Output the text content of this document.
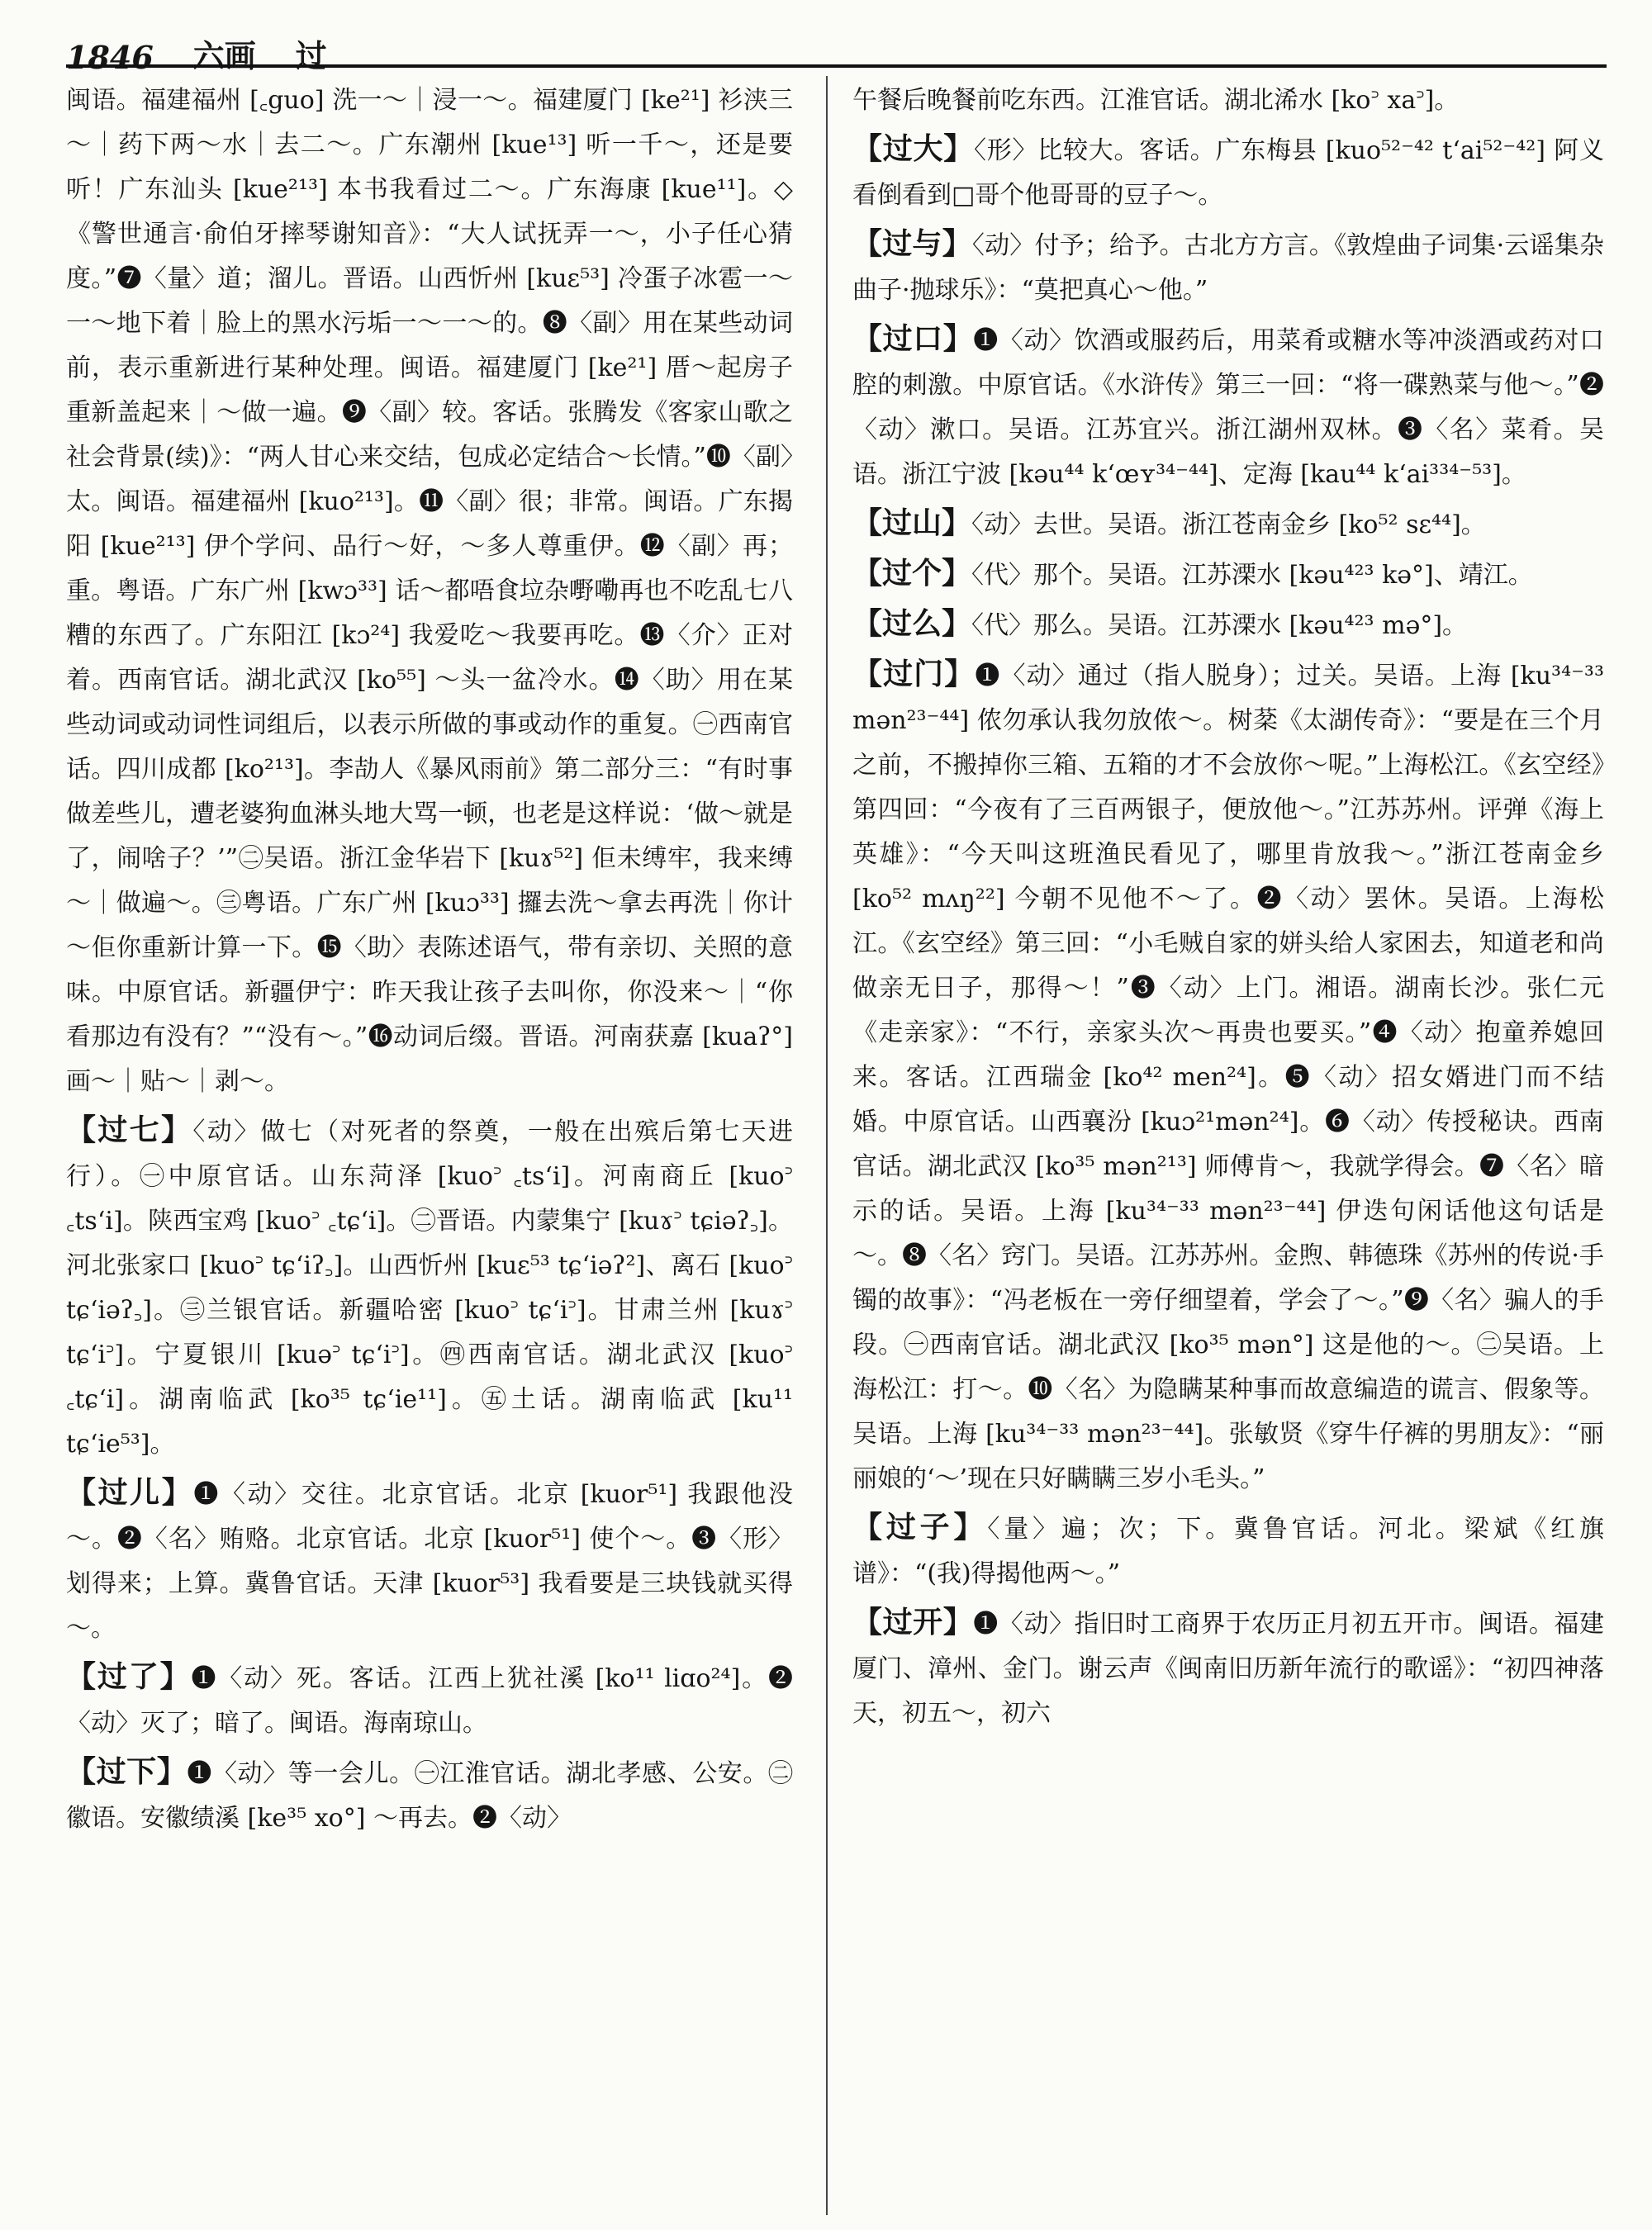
1846 六画 过

闽语。福建福州 [꜀guo] 洗一～｜浸一～。福建厦门 [ke²¹] 衫浃三～｜药下两～水｜去二～。广东潮州 [kue¹³] 听一千～，还是要听！广东汕头 [kue²¹³] 本书我看过二～。广东海康 [kue¹¹]。◇《警世通言·俞伯牙摔琴谢知音》：“大人试抚弄一～，小子任心猜度。”❼〈量〉道；溜儿。晋语。山西忻州 [kuɛ⁵³] 冷蛋子冰雹一～一～地下着｜脸上的黑水污垢一～一～的。❽〈副〉用在某些动词前，表示重新进行某种处理。闽语。福建厦门 [ke²¹] 厝～起房子重新盖起来｜～做一遍。❾〈副〉较。客话。张腾发《客家山歌之社会背景(续)》：“两人甘心来交结，包成必定结合～长情。”❿〈副〉太。闽语。福建福州 [kuo²¹³]。⓫〈副〉很；非常。闽语。广东揭阳 [kue²¹³] 伊个学问、品行～好，～多人尊重伊。⓬〈副〉再；重。粤语。广东广州 [kwɔ³³] 话～都唔食垃杂嘢嘞再也不吃乱七八糟的东西了。广东阳江 [kɔ²⁴] 我爱吃～我要再吃。⓭〈介〉正对着。西南官话。湖北武汉 [ko⁵⁵] ～头一盆冷水。⓮〈助〉用在某些动词或动词性词组后，以表示所做的事或动作的重复。㊀西南官话。四川成都 [ko²¹³]。李劼人《暴风雨前》第二部分三：“有时事做差些儿，遭老婆狗血淋头地大骂一顿，也老是这样说：‘做～就是了，闹啥子？’”㊁吴语。浙江金华岩下 [kuɤ⁵²] 佢未缚牢，我来缚～｜做遍～。㊂粤语。广东广州 [kuɔ³³] 攞去洗～拿去再洗｜你计～佢你重新计算一下。⓯〈助〉表陈述语气，带有亲切、关照的意味。中原官话。新疆伊宁：昨天我让孩子去叫你，你没来～｜“你看那边有没有？”“没有～。”⓰动词后缀。晋语。河南获嘉 [kuaʔ°] 画～｜贴～｜剥～。

【过七】〈动〉做七（对死者的祭奠，一般在出殡后第七天进行）。㊀中原官话。山东菏泽 [kuo꜄ ꜀tsʻi]。河南商丘 [kuo꜄ ꜀tsʻi]。陕西宝鸡 [kuo꜄ ꜀tɕʻi]。㊁晋语。内蒙集宁 [kuɤ꜄ tɕiəʔ꜆]。河北张家口 [kuo꜄ tɕʻiʔ꜆]。山西忻州 [kuɛ⁵³ tɕʻiəʔ²]、离石 [kuo꜄ tɕʻiəʔ꜆]。㊂兰银官话。新疆哈密 [kuo꜄ tɕʻi꜄]。甘肃兰州 [kuɤ꜄ tɕʻi꜄]。宁夏银川 [kuə꜄ tɕʻi꜄]。㊃西南官话。湖北武汉 [kuo꜄ ꜀tɕʻi]。湖南临武 [ko³⁵ tɕʻie¹¹]。㊄土话。湖南临武 [ku¹¹ tɕʻie⁵³]。

【过儿】❶〈动〉交往。北京官话。北京 [kuor⁵¹] 我跟他没～。❷〈名〉贿赂。北京官话。北京 [kuor⁵¹] 使个～。❸〈形〉划得来；上算。冀鲁官话。天津 [kuor⁵³] 我看要是三块钱就买得～。

【过了】❶〈动〉死。客话。江西上犹社溪 [ko¹¹ liɑo²⁴]。❷〈动〉灭了；暗了。闽语。海南琼山。

【过下】❶〈动〉等一会儿。㊀江淮官话。湖北孝感、公安。㊁徽语。安徽绩溪 [ke³⁵ xo°] ～再去。❷〈动〉

午餐后晚餐前吃东西。江淮官话。湖北浠水 [ko꜄ xa꜄]。

【过大】〈形〉比较大。客话。广东梅县 [kuo⁵²⁻⁴² tʻai⁵²⁻⁴²] 阿义看倒看到□哥个他哥哥的豆子～。

【过与】〈动〉付予；给予。古北方方言。《敦煌曲子词集·云谣集杂曲子·抛球乐》：“莫把真心～他。”

【过口】❶〈动〉饮酒或服药后，用菜肴或糖水等冲淡酒或药对口腔的刺激。中原官话。《水浒传》第三一回：“将一碟熟菜与他～。”❷〈动〉漱口。吴语。江苏宜兴。浙江湖州双林。❸〈名〉菜肴。吴语。浙江宁波 [kəu⁴⁴ kʻœʏ³⁴⁻⁴⁴]、定海 [kau⁴⁴ kʻai³³⁴⁻⁵³]。

【过山】〈动〉去世。吴语。浙江苍南金乡 [ko⁵² sɛ⁴⁴]。

【过个】〈代〉那个。吴语。江苏溧水 [kəu⁴²³ kə°]、靖江。

【过么】〈代〉那么。吴语。江苏溧水 [kəu⁴²³ mə°]。

【过门】❶〈动〉通过（指人脱身）；过关。吴语。上海 [ku³⁴⁻³³ mən²³⁻⁴⁴] 侬勿承认我勿放侬～。树棻《太湖传奇》：“要是在三个月之前，不搬掉你三箱、五箱的才不会放你～呢。”上海松江。《玄空经》第四回：“今夜有了三百两银子，便放他～。”江苏苏州。评弹《海上英雄》：“今天叫这班渔民看见了，哪里肯放我～。”浙江苍南金乡 [ko⁵² mʌŋ²²] 今朝不见他不～了。❷〈动〉罢休。吴语。上海松江。《玄空经》第三回：“小毛贼自家的姘头给人家困去，知道老和尚做亲无日子，那得～！”❸〈动〉上门。湘语。湖南长沙。张仁元《走亲家》：“不行，亲家头次～再贵也要买。”❹〈动〉抱童养媳回来。客话。江西瑞金 [ko⁴² men²⁴]。❺〈动〉招女婿进门而不结婚。中原官话。山西襄汾 [kuɔ²¹mən²⁴]。❻〈动〉传授秘诀。西南官话。湖北武汉 [ko³⁵ mən²¹³] 师傅肯～，我就学得会。❼〈名〉暗示的话。吴语。上海 [ku³⁴⁻³³ mən²³⁻⁴⁴] 伊迭句闲话他这句话是～。❽〈名〉窍门。吴语。江苏苏州。金煦、韩德珠《苏州的传说·手镯的故事》：“冯老板在一旁仔细望着，学会了～。”❾〈名〉骗人的手段。㊀西南官话。湖北武汉 [ko³⁵ mən°] 这是他的～。㊁吴语。上海松江：打～。❿〈名〉为隐瞒某种事而故意编造的谎言、假象等。吴语。上海 [ku³⁴⁻³³ mən²³⁻⁴⁴]。张敏贤《穿牛仔裤的男朋友》：“丽丽娘的‘～’现在只好瞒瞒三岁小毛头。”

【过子】〈量〉遍；次；下。冀鲁官话。河北。梁斌《红旗谱》：“(我)得揭他两～。”

【过开】❶〈动〉指旧时工商界于农历正月初五开市。闽语。福建厦门、漳州、金门。谢云声《闽南旧历新年流行的歌谣》：“初四神落天，初五～，初六
